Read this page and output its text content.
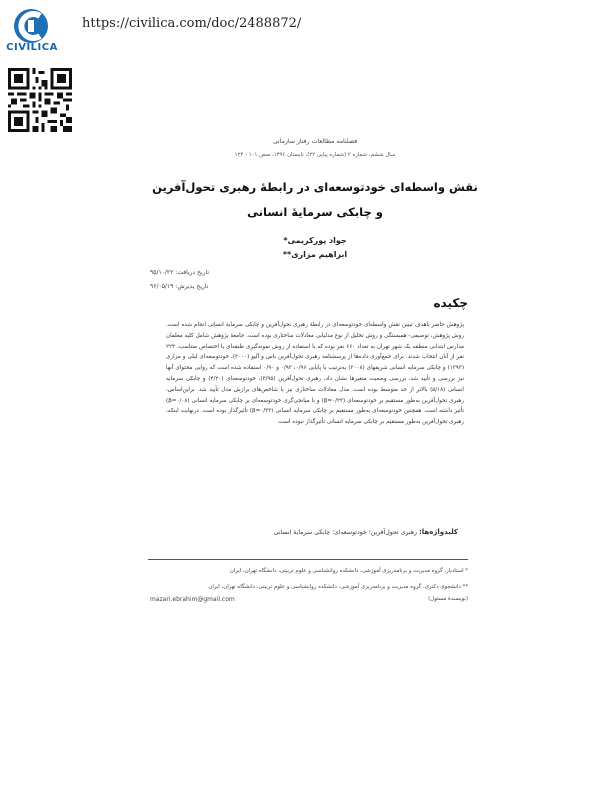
CIVILICA
https://civilica.com/doc/2488872/
فصلنامه مطالعات رفتار سازمانی
سال ششم، شماره ۲ (شماره پیاپی ۲۲)، تابستان ۱۳۹۶، صص ۱۰۱ - ۱۲۴
نقش واسطه‌ای خودتوسعه‌ای در رابطهٔ رهبری تحول‌آفرین
و چابکی سرمایهٔ انسانی
جواد پورکریمی*
ابراهیم مزاری**
تاریخ دریافت: ۹۵/۱۰/۲۲
تاریخ پذیرش: ۹۶/۰۵/۱۹
چکیده
پژوهش حاضر باهدف تبیین نقش واسطه‌ای خودتوسعه‌ای در رابطهٔ رهبری تحول‌آفرین و چابکی سرمایهٔ انسانی انجام شده است. روش پژوهش، توصیفی- همبستگی و روش تحلیل از نوع مدلیابی معادلات ساختاری بوده است. جامعهٔ پژوهش شامل کلیه معلمان مدارس ابتدایی منطقه یک شهر تهران به تعداد ۶۶۰ نفر بوده که با استفاده از روش نمونه‌گیری طبقه‌ای با اختصاص متناسب، ۲۲۴ نفر از آنان انتخاب شدند. برای جمع‌آوری داده‌ها از پرسشنامه رهبری تحول‌آفرین باس و آلیو (۲۰۰۰)، خودتوسعه‌ای لیلی و مزاری (۱۳۹۳) و چابکی سرمایه انسانی شریفهای (۲۰۰۸) به‌ترتیب با پایایی ۰/۹۶، ۰/۹۲ و ۰/۹۰ استفاده شده است که روایی محتوای آنها نیز بررسی و تأیید شد. بررسی وضعیت متغیرها نشان داد، رهبری تحول‌آفرین (۳/۹۵)، خودتوسعه‌ای (۴/۲۰) و چابکی سرمایه انسانی (۵/۱۸) بالاتر از حد متوسط بوده است. مدل معادلات ساختاری نیز با شاخص‌های برازش مدل تأیید شد. براین‌اساس، رهبری تحول‌آفرین به‌طور مستقیم بر خودتوسعه‌ای (۰/۲۳=β) و با میانجی‌گری خودتوسعه‌ای بر چابکی سرمایه انسانی (۰/۰۸=β) تأثیر داشته است. همچنین خودتوسعه‌ای به‌طور مستقیم بر چابکی سرمایه انسانی (۰/۳۳=β) تأثیرگذار بوده است. درنهایت اینکه، رهبری تحول‌آفرین به‌طور مستقیم بر چابکی سرمایه انسانی تأثیرگذار نبوده است.
کلیدواژه‌ها: رهبری تحول‌آفرین؛ خودتوسعه‌ای؛ چابکی سرمایهٔ انسانی
* استادیار، گروه مدیریت و برنامه‌ریزی آموزشی، دانشکده روانشناسی و علوم تربیتی، دانشگاه تهران، ایران
** دانشجوی دکتری، گروه مدیریت و برنامه‌ریزی آموزشی، دانشکده روانشناسی و علوم تربیتی، دانشگاه تهران، ایران
(نویسندهٔ مسئول)
mazari.ebrahim@gmail.com
